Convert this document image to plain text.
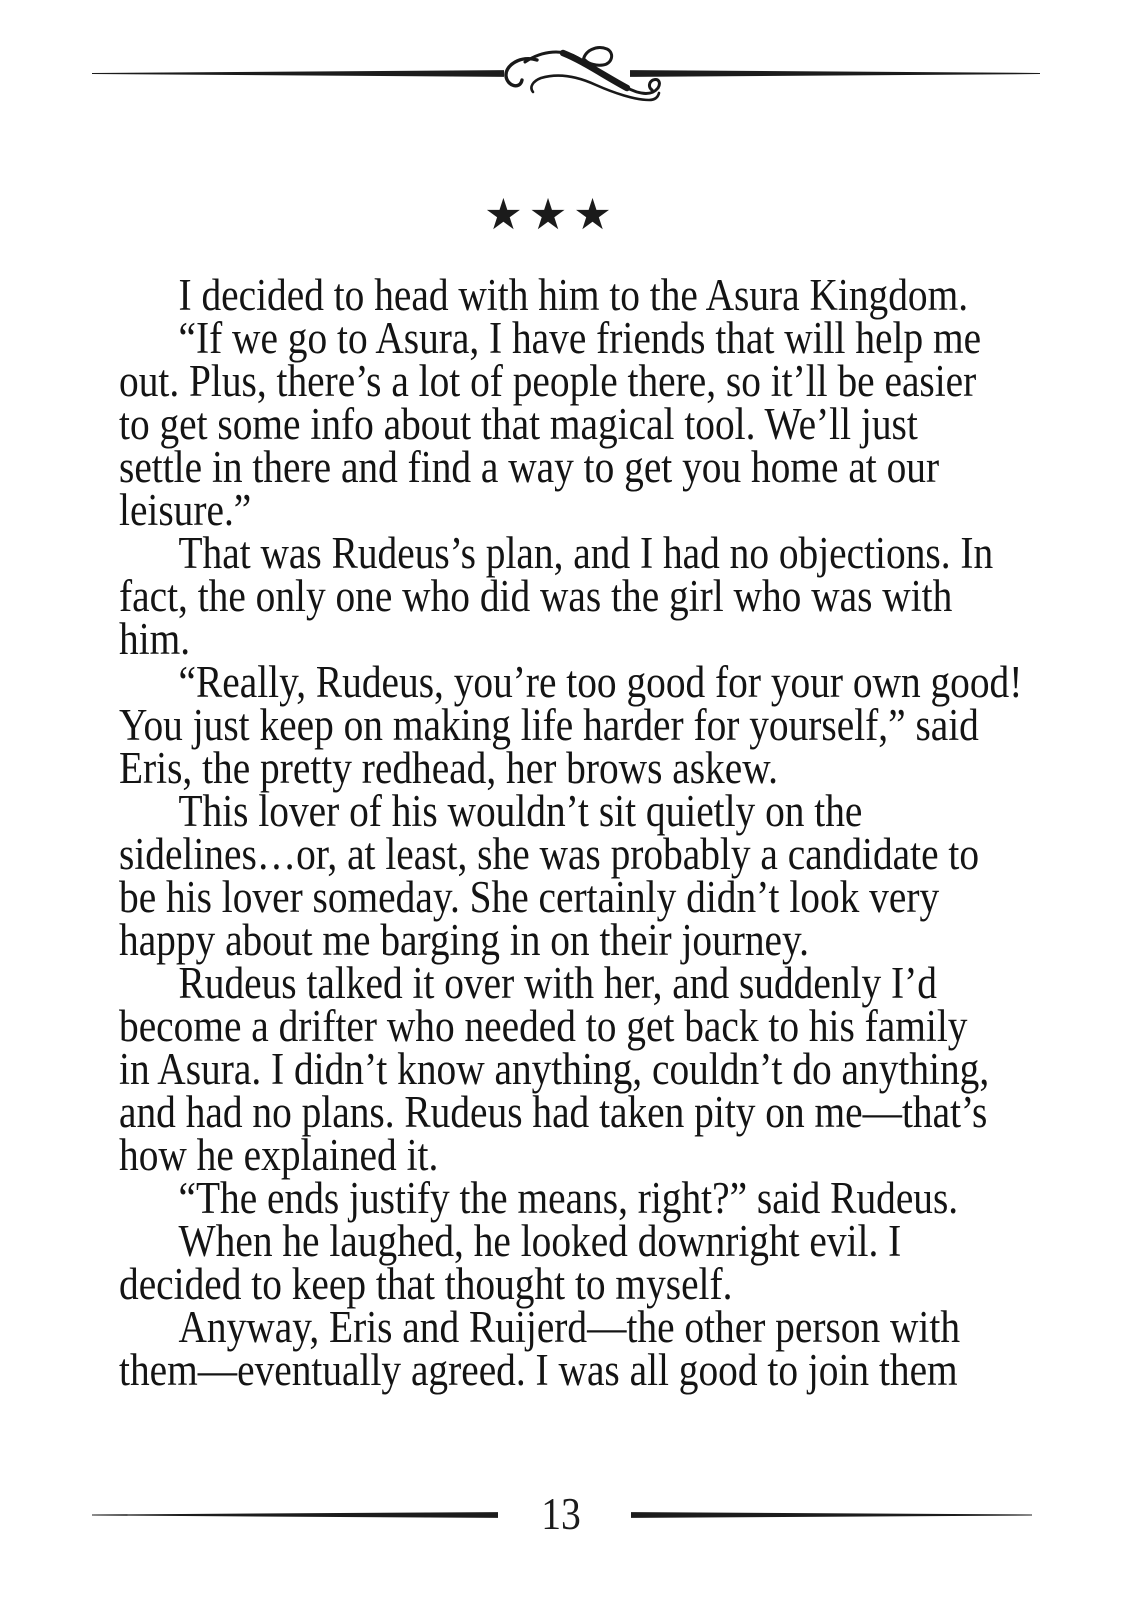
★★★
I decided to head with him to the Asura Kingdom.
“If we go to Asura, I have friends that will help me
out. Plus, there’s a lot of people there, so it’ll be easier
to get some info about that magical tool. We’ll just
settle in there and find a way to get you home at our
leisure.”
That was Rudeus’s plan, and I had no objections. In
fact, the only one who did was the girl who was with
him.
“Really, Rudeus, you’re too good for your own good!
You just keep on making life harder for yourself,” said
Eris, the pretty redhead, her brows askew.
This lover of his wouldn’t sit quietly on the
sidelines…or, at least, she was probably a candidate to
be his lover someday. She certainly didn’t look very
happy about me barging in on their journey.
Rudeus talked it over with her, and suddenly I’d
become a drifter who needed to get back to his family
in Asura. I didn’t know anything, couldn’t do anything,
and had no plans. Rudeus had taken pity on me—that’s
how he explained it.
“The ends justify the means, right?” said Rudeus.
When he laughed, he looked downright evil. I
decided to keep that thought to myself.
Anyway, Eris and Ruijerd—the other person with
them—eventually agreed. I was all good to join them
13
